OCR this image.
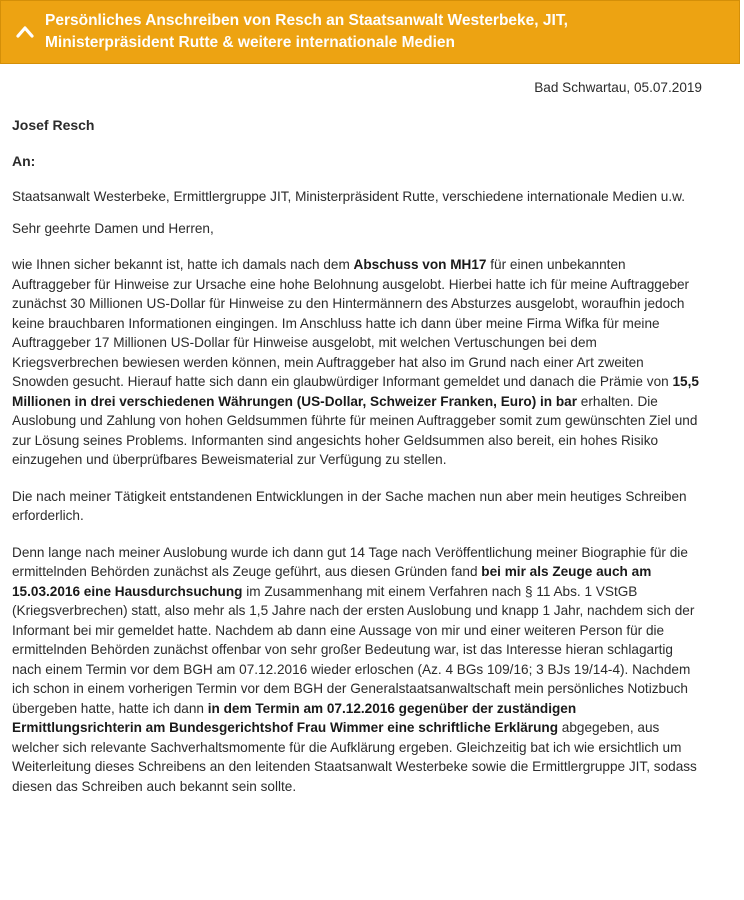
Persönliches Anschreiben von Resch an Staatsanwalt Westerbeke, JIT,
Ministerpräsident Rutte & weitere internationale Medien
Bad Schwartau, 05.07.2019
Josef Resch
An:
Staatsanwalt Westerbeke, Ermittlergruppe JIT, Ministerpräsident Rutte, verschiedene internationale Medien u.w.
Sehr geehrte Damen und Herren,

wie Ihnen sicher bekannt ist, hatte ich damals nach dem Abschuss von MH17 für einen unbekannten Auftraggeber für Hinweise zur Ursache eine hohe Belohnung ausgelobt. Hierbei hatte ich für meine Auftraggeber zunächst 30 Millionen US-Dollar für Hinweise zu den Hintermännern des Absturzes ausgelobt, woraufhin jedoch keine brauchbaren Informationen eingingen. Im Anschluss hatte ich dann über meine Firma Wifka für meine Auftraggeber 17 Millionen US-Dollar für Hinweise ausgelobt, mit welchen Vertuschungen bei dem Kriegsverbrechen bewiesen werden können, mein Auftraggeber hat also im Grund nach einer Art zweiten Snowden gesucht. Hierauf hatte sich dann ein glaubwürdiger Informant gemeldet und danach die Prämie von 15,5 Millionen in drei verschiedenen Währungen (US-Dollar, Schweizer Franken, Euro) in bar erhalten. Die Auslobung und Zahlung von hohen Geldsummen führte für meinen Auftraggeber somit zum gewünschten Ziel und zur Lösung seines Problems. Informanten sind angesichts hoher Geldsummen also bereit, ein hohes Risiko einzugehen und überprüfbares Beweismaterial zur Verfügung zu stellen.

Die nach meiner Tätigkeit entstandenen Entwicklungen in der Sache machen nun aber mein heutiges Schreiben erforderlich.

Denn lange nach meiner Auslobung wurde ich dann gut 14 Tage nach Veröffentlichung meiner Biographie für die ermittelnden Behörden zunächst als Zeuge geführt, aus diesen Gründen fand bei mir als Zeuge auch am 15.03.2016 eine Hausdurchsuchung im Zusammenhang mit einem Verfahren nach § 11 Abs. 1 VStGB (Kriegsverbrechen) statt, also mehr als 1,5 Jahre nach der ersten Auslobung und knapp 1 Jahr, nachdem sich der Informant bei mir gemeldet hatte. Nachdem ab dann eine Aussage von mir und einer weiteren Person für die ermittelnden Behörden zunächst offenbar von sehr großer Bedeutung war, ist das Interesse hieran schlagartig nach einem Termin vor dem BGH am 07.12.2016 wieder erloschen (Az. 4 BGs 109/16; 3 BJs 19/14-4). Nachdem ich schon in einem vorherigen Termin vor dem BGH der Generalstaatsanwaltschaft mein persönliches Notizbuch übergeben hatte, hatte ich dann in dem Termin am 07.12.2016 gegenüber der zuständigen Ermittlungsrichterin am Bundesgerichtshof Frau Wimmer eine schriftliche Erklärung abgegeben, aus welcher sich relevante Sachverhaltsmomente für die Aufklärung ergeben. Gleichzeitig bat ich wie ersichtlich um Weiterleitung dieses Schreibens an den leitenden Staatsanwalt Westerbeke sowie die Ermittlergruppe JIT, sodass diesen das Schreiben auch bekannt sein sollte.
